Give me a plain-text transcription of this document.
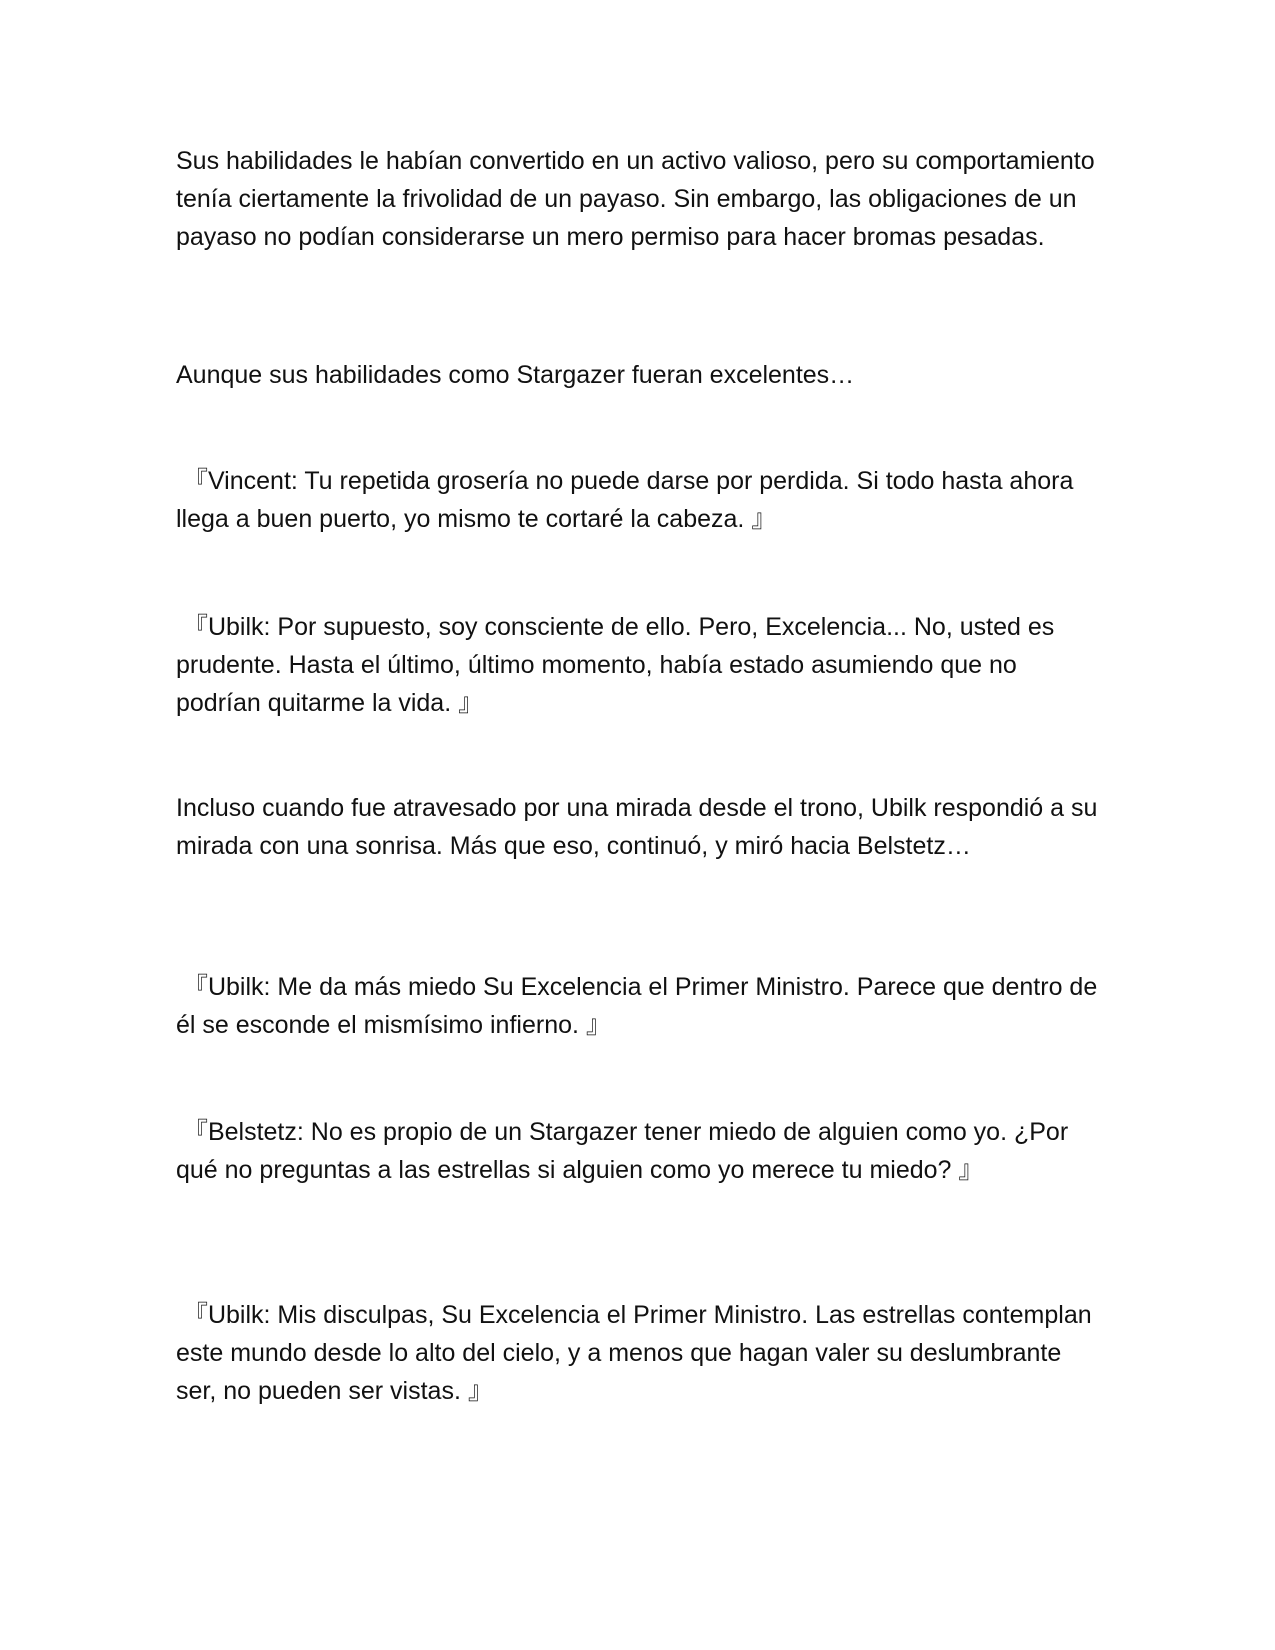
Sus habilidades le habían convertido en un activo valioso, pero su comportamiento tenía ciertamente la frivolidad de un payaso. Sin embargo, las obligaciones de un payaso no podían considerarse un mero permiso para hacer bromas pesadas.

Aunque sus habilidades como Stargazer fueran excelentes…

『Vincent: Tu repetida grosería no puede darse por perdida. Si todo hasta ahora llega a buen puerto, yo mismo te cortaré la cabeza. 』

『Ubilk: Por supuesto, soy consciente de ello. Pero, Excelencia... No, usted es prudente. Hasta el último, último momento, había estado asumiendo que no podrían quitarme la vida. 』

Incluso cuando fue atravesado por una mirada desde el trono, Ubilk respondió a su mirada con una sonrisa. Más que eso, continuó, y miró hacia Belstetz…

『Ubilk: Me da más miedo Su Excelencia el Primer Ministro. Parece que dentro de él se esconde el mismísimo infierno. 』

『Belstetz: No es propio de un Stargazer tener miedo de alguien como yo. ¿Por qué no preguntas a las estrellas si alguien como yo merece tu miedo? 』

『Ubilk: Mis disculpas, Su Excelencia el Primer Ministro. Las estrellas contemplan este mundo desde lo alto del cielo, y a menos que hagan valer su deslumbrante ser, no pueden ser vistas. 』
